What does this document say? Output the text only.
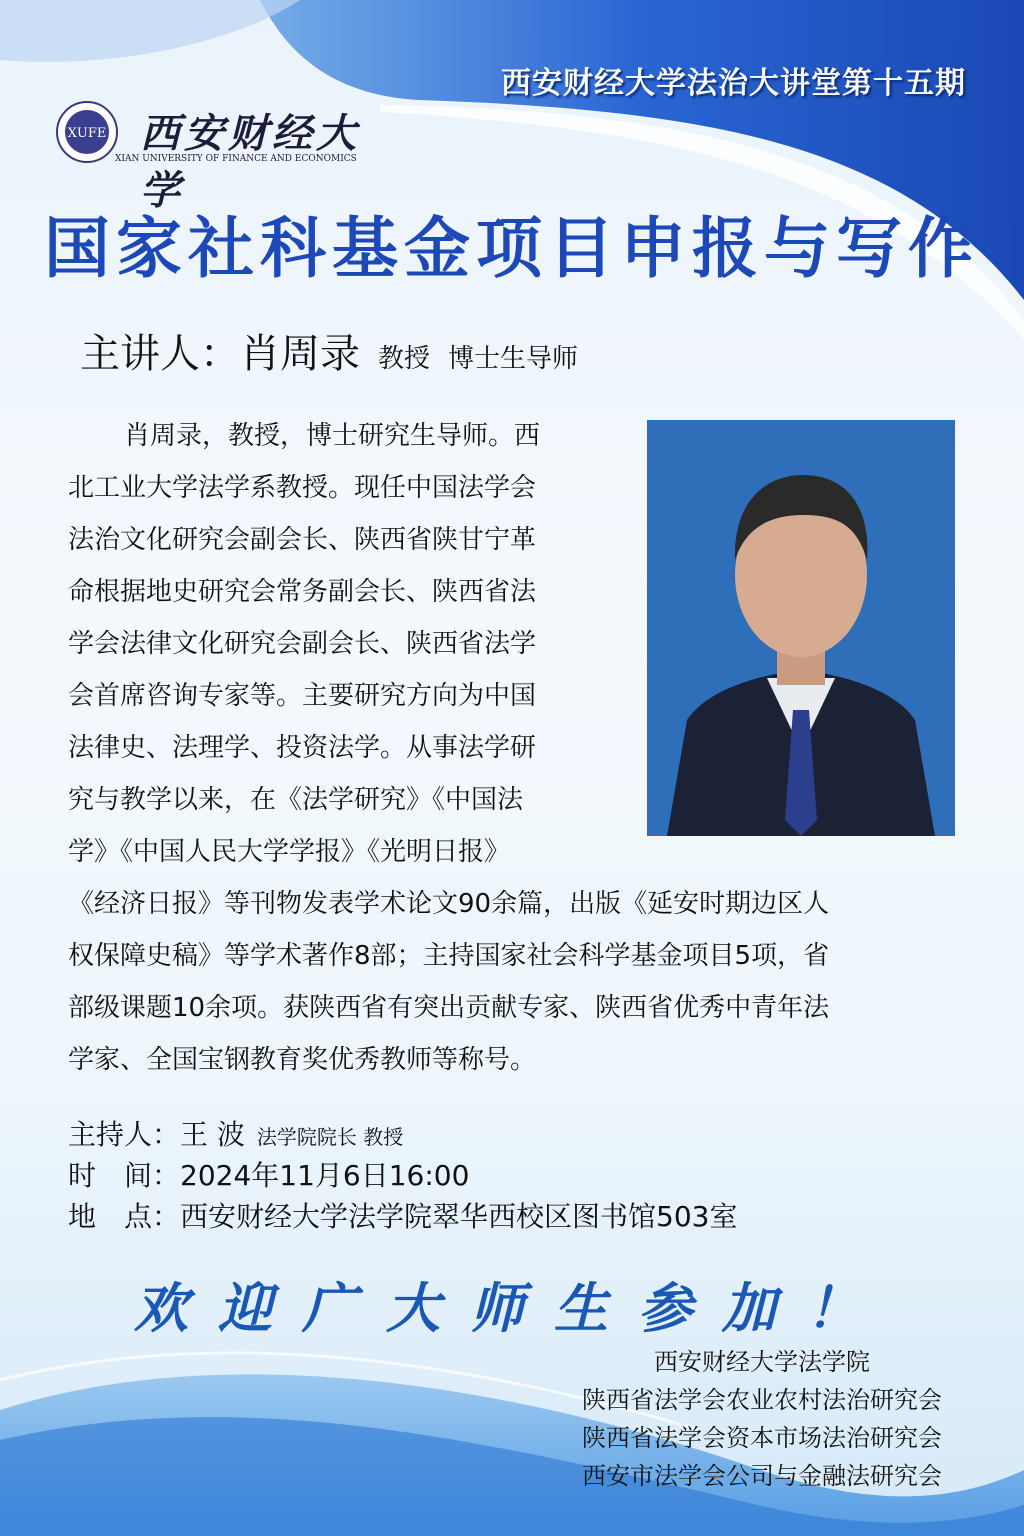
西安财经大学法治大讲堂第十五期
XUFE 西安财经大学
XIAN UNIVERSITY OF FINANCE AND ECONOMICS
国家社科基金项目申报与写作
主讲人：肖周录 教授 博士生导师
肖周录，教授，博士研究生导师。西
北工业大学法学系教授。现任中国法学会
法治文化研究会副会长、陕西省陕甘宁革
命根据地史研究会常务副会长、陕西省法
学会法律文化研究会副会长、陕西省法学
会首席咨询专家等。主要研究方向为中国
法律史、法理学、投资法学。从事法学研
究与教学以来，在《法学研究》《中国法
学》《中国人民大学学报》《光明日报》
《经济日报》等刊物发表学术论文90余篇，出版《延安时期边区人
权保障史稿》等学术著作8部；主持国家社会科学基金项目5项，省
部级课题10余项。获陕西省有突出贡献专家、陕西省优秀中青年法
学家、全国宝钢教育奖优秀教师等称号。
主持人：王 波 法学院院长 教授
时　间：2024年11月6日16:00
地　点：西安财经大学法学院翠华西校区图书馆503室
欢迎广大师生参加！
西安财经大学法学院
陕西省法学会农业农村法治研究会
陕西省法学会资本市场法治研究会
西安市法学会公司与金融法研究会
